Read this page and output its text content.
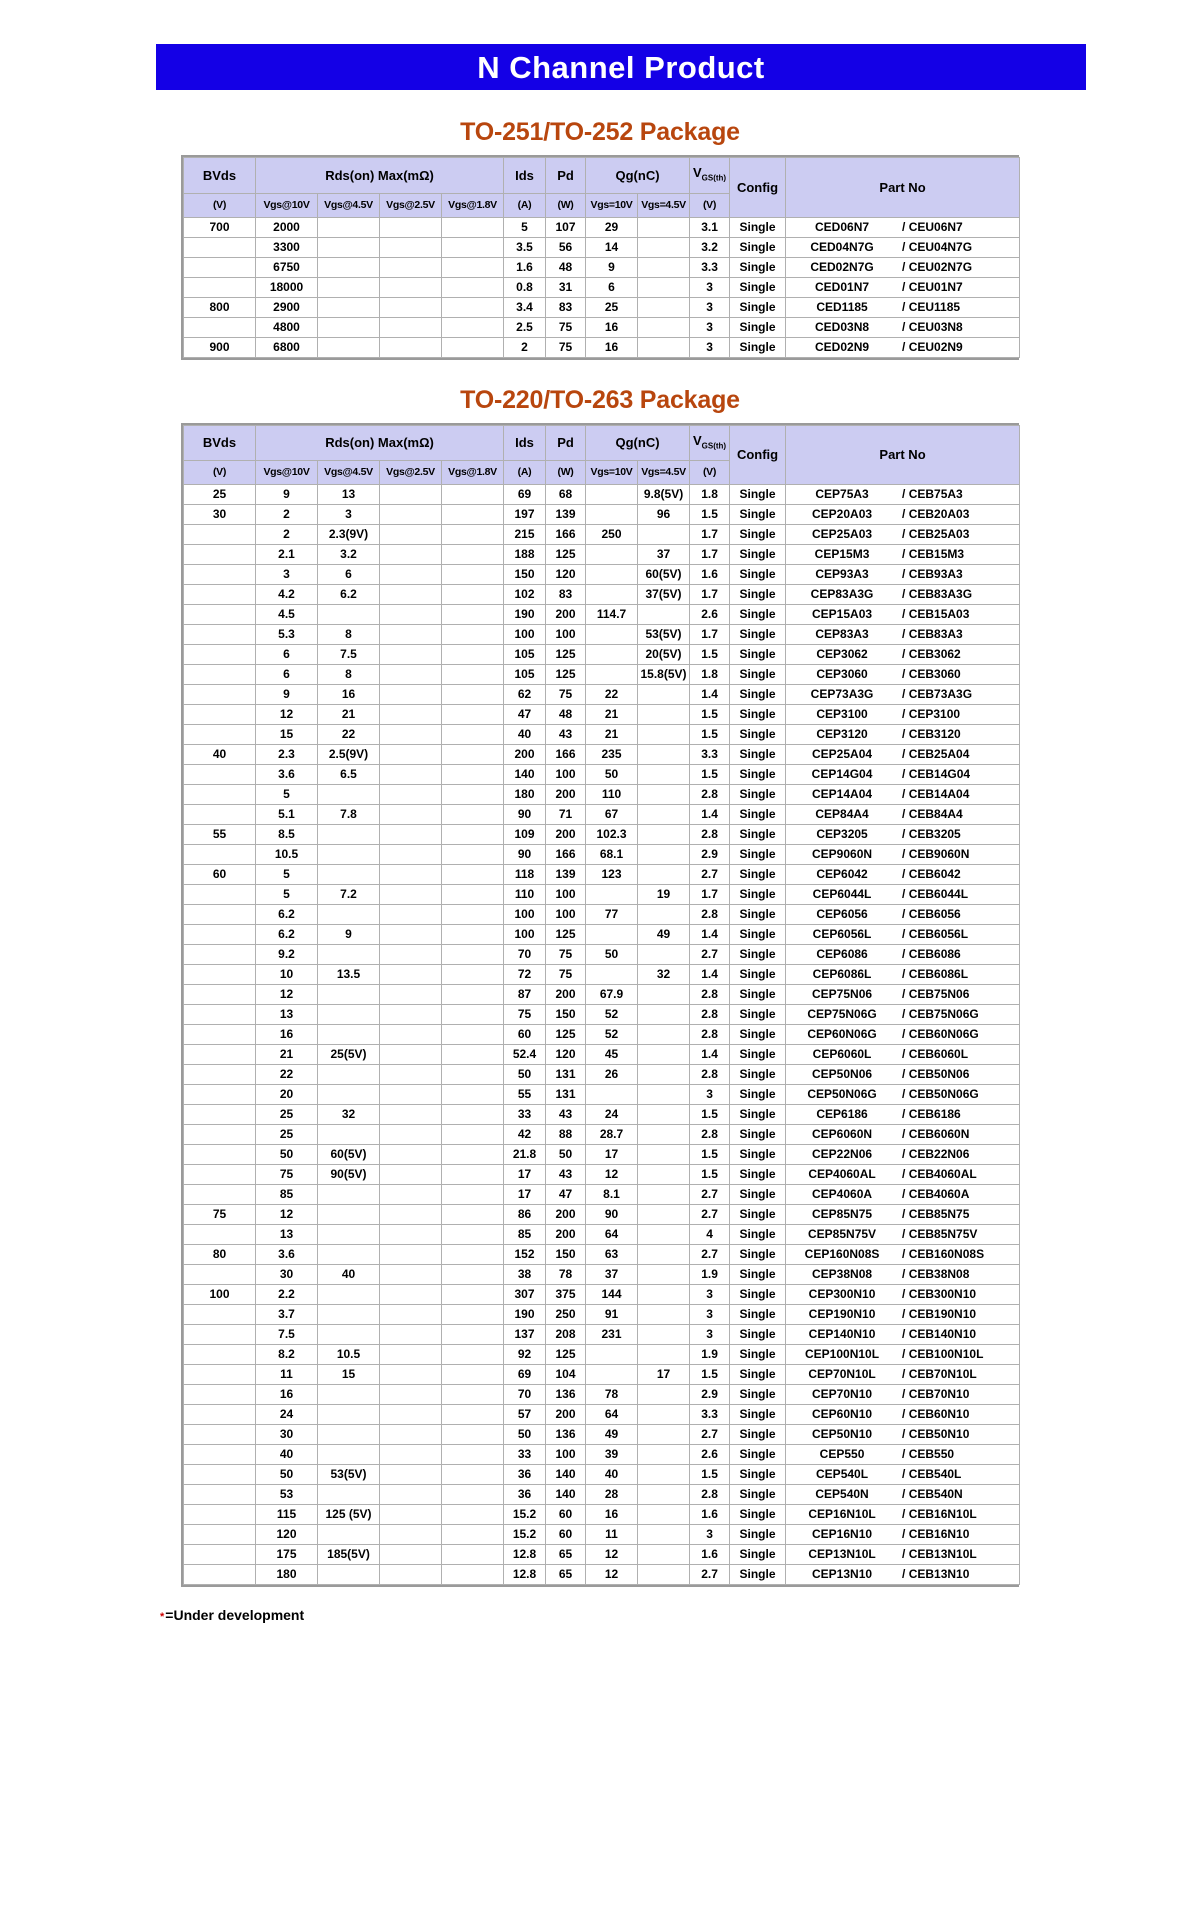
N Channel Product
TO-251/TO-252 Package
BVds	Rds(on) Max(mΩ)				Ids	Pd	Qg(nC)		$V_{GS(th)}$	Config	Part No
(V)	Vgs@10V	Vgs@4.5V	Vgs@2.5V	Vgs@1.8V	(A)	(W)	Vgs=10V	Vgs=4.5V	(V)		
700	2000				5	107	29		3.1	Single	CED06N7 / CEU06N7

	3300				3.5	56	14		3.2	Single	CED04N7G / CEU04N7G

	6750				1.6	48	9		3.3	Single	CED02N7G / CEU02N7G

	18000				0.8	31	6		3	Single	CED01N7 / CEU01N7

800	2900				3.4	83	25		3	Single	CED1185 / CEU1185

	4800				2.5	75	16		3	Single	CED03N8 / CEU03N8

900	6800				2	75	16		3	Single	CED02N9 / CEU02N9
TO-220/TO-263 Package
BVds	Rds(on) Max(mΩ)				Ids	Pd	Qg(nC)		$V_{GS(th)}$	Config	Part No
(V)	Vgs@10V	Vgs@4.5V	Vgs@2.5V	Vgs@1.8V	(A)	(W)	Vgs=10V	Vgs=4.5V	(V)		
25	9	13			69	68		9.8(5V)	1.8	Single	CEP75A3 / CEB75A3

30	2	3			197	139		96	1.5	Single	CEP20A03 / CEB20A03

	2	2.3(9V)			215	166	250		1.7	Single	CEP25A03 / CEB25A03

	2.1	3.2			188	125		37	1.7	Single	CEP15M3 / CEB15M3

	3	6			150	120		60(5V)	1.6	Single	CEP93A3 / CEB93A3

	4.2	6.2			102	83		37(5V)	1.7	Single	CEP83A3G / CEB83A3G

	4.5				190	200	114.7		2.6	Single	CEP15A03 / CEB15A03

	5.3	8			100	100		53(5V)	1.7	Single	CEP83A3 / CEB83A3

	6	7.5			105	125		20(5V)	1.5	Single	CEP3062 / CEB3062

	6	8			105	125		15.8(5V)	1.8	Single	CEP3060 / CEB3060

	9	16			62	75	22		1.4	Single	CEP73A3G / CEB73A3G

	12	21			47	48	21		1.5	Single	CEP3100 / CEP3100

	15	22			40	43	21		1.5	Single	CEP3120 / CEB3120

40	2.3	2.5(9V)			200	166	235		3.3	Single	CEP25A04 / CEB25A04

	3.6	6.5			140	100	50		1.5	Single	CEP14G04 / CEB14G04

	5				180	200	110		2.8	Single	CEP14A04 / CEB14A04

	5.1	7.8			90	71	67		1.4	Single	CEP84A4 / CEB84A4

55	8.5				109	200	102.3		2.8	Single	CEP3205 / CEB3205

	10.5				90	166	68.1		2.9	Single	CEP9060N / CEB9060N

60	5				118	139	123		2.7	Single	CEP6042 / CEB6042

	5	7.2			110	100		19	1.7	Single	CEP6044L / CEB6044L

	6.2				100	100	77		2.8	Single	CEP6056 / CEB6056

	6.2	9			100	125		49	1.4	Single	CEP6056L / CEB6056L

	9.2				70	75	50		2.7	Single	CEP6086 / CEB6086

	10	13.5			72	75		32	1.4	Single	CEP6086L / CEB6086L

	12				87	200	67.9		2.8	Single	CEP75N06 / CEB75N06

	13				75	150	52		2.8	Single	CEP75N06G / CEB75N06G

	16				60	125	52		2.8	Single	CEP60N06G / CEB60N06G

	21	25(5V)			52.4	120	45		1.4	Single	CEP6060L / CEB6060L

	22				50	131	26		2.8	Single	CEP50N06 / CEB50N06

	20				55	131			3	Single	CEP50N06G / CEB50N06G

	25	32			33	43	24		1.5	Single	CEP6186 / CEB6186

	25				42	88	28.7		2.8	Single	CEP6060N / CEB6060N

	50	60(5V)			21.8	50	17		1.5	Single	CEP22N06 / CEB22N06

	75	90(5V)			17	43	12		1.5	Single	CEP4060AL / CEB4060AL

	85				17	47	8.1		2.7	Single	CEP4060A / CEB4060A

75	12				86	200	90		2.7	Single	CEP85N75 / CEB85N75

	13				85	200	64		4	Single	CEP85N75V / CEB85N75V

80	3.6				152	150	63		2.7	Single	CEP160N08S / CEB160N08S

	30	40			38	78	37		1.9	Single	CEP38N08 / CEB38N08

100	2.2				307	375	144		3	Single	CEP300N10 / CEB300N10

	3.7				190	250	91		3	Single	CEP190N10 / CEB190N10

	7.5				137	208	231		3	Single	CEP140N10 / CEB140N10

	8.2	10.5			92	125			1.9	Single	CEP100N10L / CEB100N10L

	11	15			69	104		17	1.5	Single	CEP70N10L / CEB70N10L

	16				70	136	78		2.9	Single	CEP70N10 / CEB70N10

	24				57	200	64		3.3	Single	CEP60N10 / CEB60N10

	30				50	136	49		2.7	Single	CEP50N10 / CEB50N10

	40				33	100	39		2.6	Single	CEP550 / CEB550

	50	53(5V)			36	140	40		1.5	Single	CEP540L / CEB540L

	53				36	140	28		2.8	Single	CEP540N / CEB540N

	115	125 (5V)			15.2	60	16		1.6	Single	CEP16N10L / CEB16N10L

	120				15.2	60	11		3	Single	CEP16N10 / CEB16N10

	175	185(5V)			12.8	65	12		1.6	Single	CEP13N10L / CEB13N10L

	180				12.8	65	12		2.7	Single	CEP13N10 / CEB13N10
* =Under development
